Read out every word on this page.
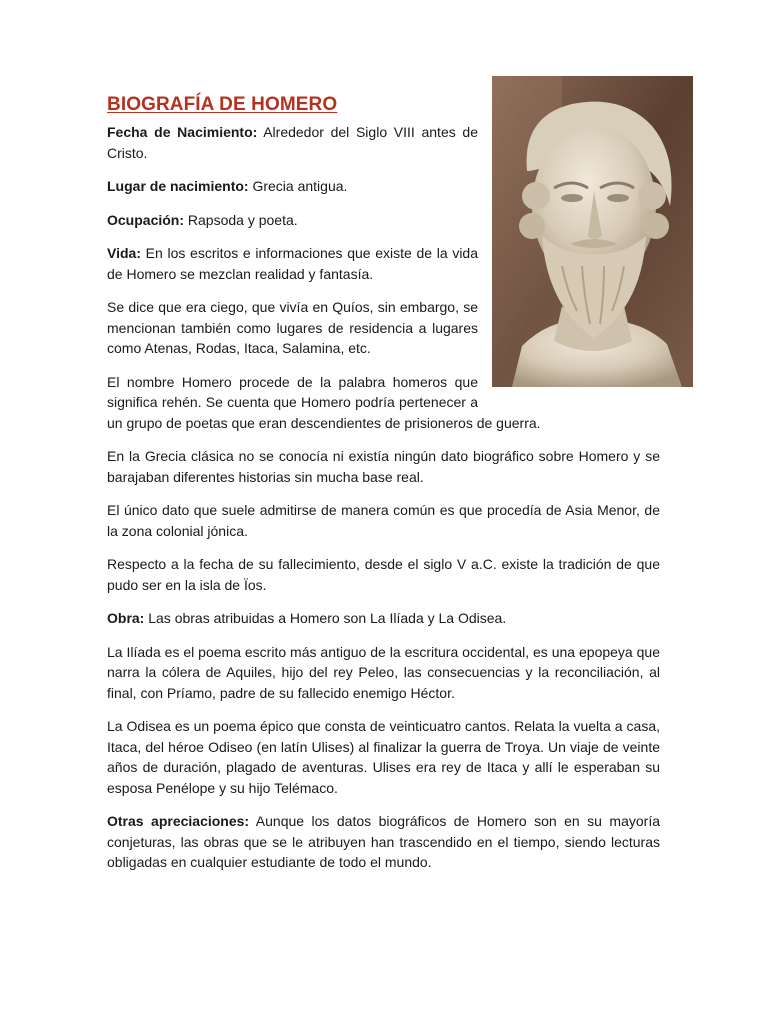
BIOGRAFÍA DE HOMERO

Fecha de Nacimiento: Alrededor del Siglo VIII antes de Cristo.

Lugar de nacimiento: Grecia antigua.

Ocupación: Rapsoda y poeta.

Vida: En los escritos e informaciones que existe de la vida de Homero se mezclan realidad y fantasía.

Se dice que era ciego, que vivía en Quíos, sin embargo, se mencionan también como lugares de residencia a lugares como Atenas, Rodas, Itaca, Salamina, etc.

El nombre Homero procede de la palabra homeros que significa rehén. Se cuenta que Homero podría pertenecer a un grupo de poetas que eran descendientes de prisioneros de guerra.

En la Grecia clásica no se conocía ni existía ningún dato biográfico sobre Homero y se barajaban diferentes historias sin mucha base real.

El único dato que suele admitirse de manera común es que procedía de Asia Menor, de la zona colonial jónica.

Respecto a la fecha de su fallecimiento, desde el siglo V a.C. existe la tradición de que pudo ser en la isla de Ïos.

Obra: Las obras atribuidas a Homero son La Ilíada y La Odisea.

La Ilíada es el poema escrito más antiguo de la escritura occidental, es una epopeya que narra la cólera de Aquiles, hijo del rey Peleo, las consecuencias y la reconciliación, al final, con Príamo, padre de su fallecido enemigo Héctor.

La Odisea es un poema épico que consta de veinticuatro cantos. Relata la vuelta a casa, Itaca, del héroe Odiseo (en latín Ulises) al finalizar la guerra de Troya. Un viaje de veinte años de duración, plagado de aventuras. Ulises era rey de Itaca y allí le esperaban su esposa Penélope y su hijo Telémaco.

Otras apreciaciones: Aunque los datos biográficos de Homero son en su mayoría conjeturas, las obras que se le atribuyen han trascendido en el tiempo, siendo lecturas obligadas en cualquier estudiante de todo el mundo.
